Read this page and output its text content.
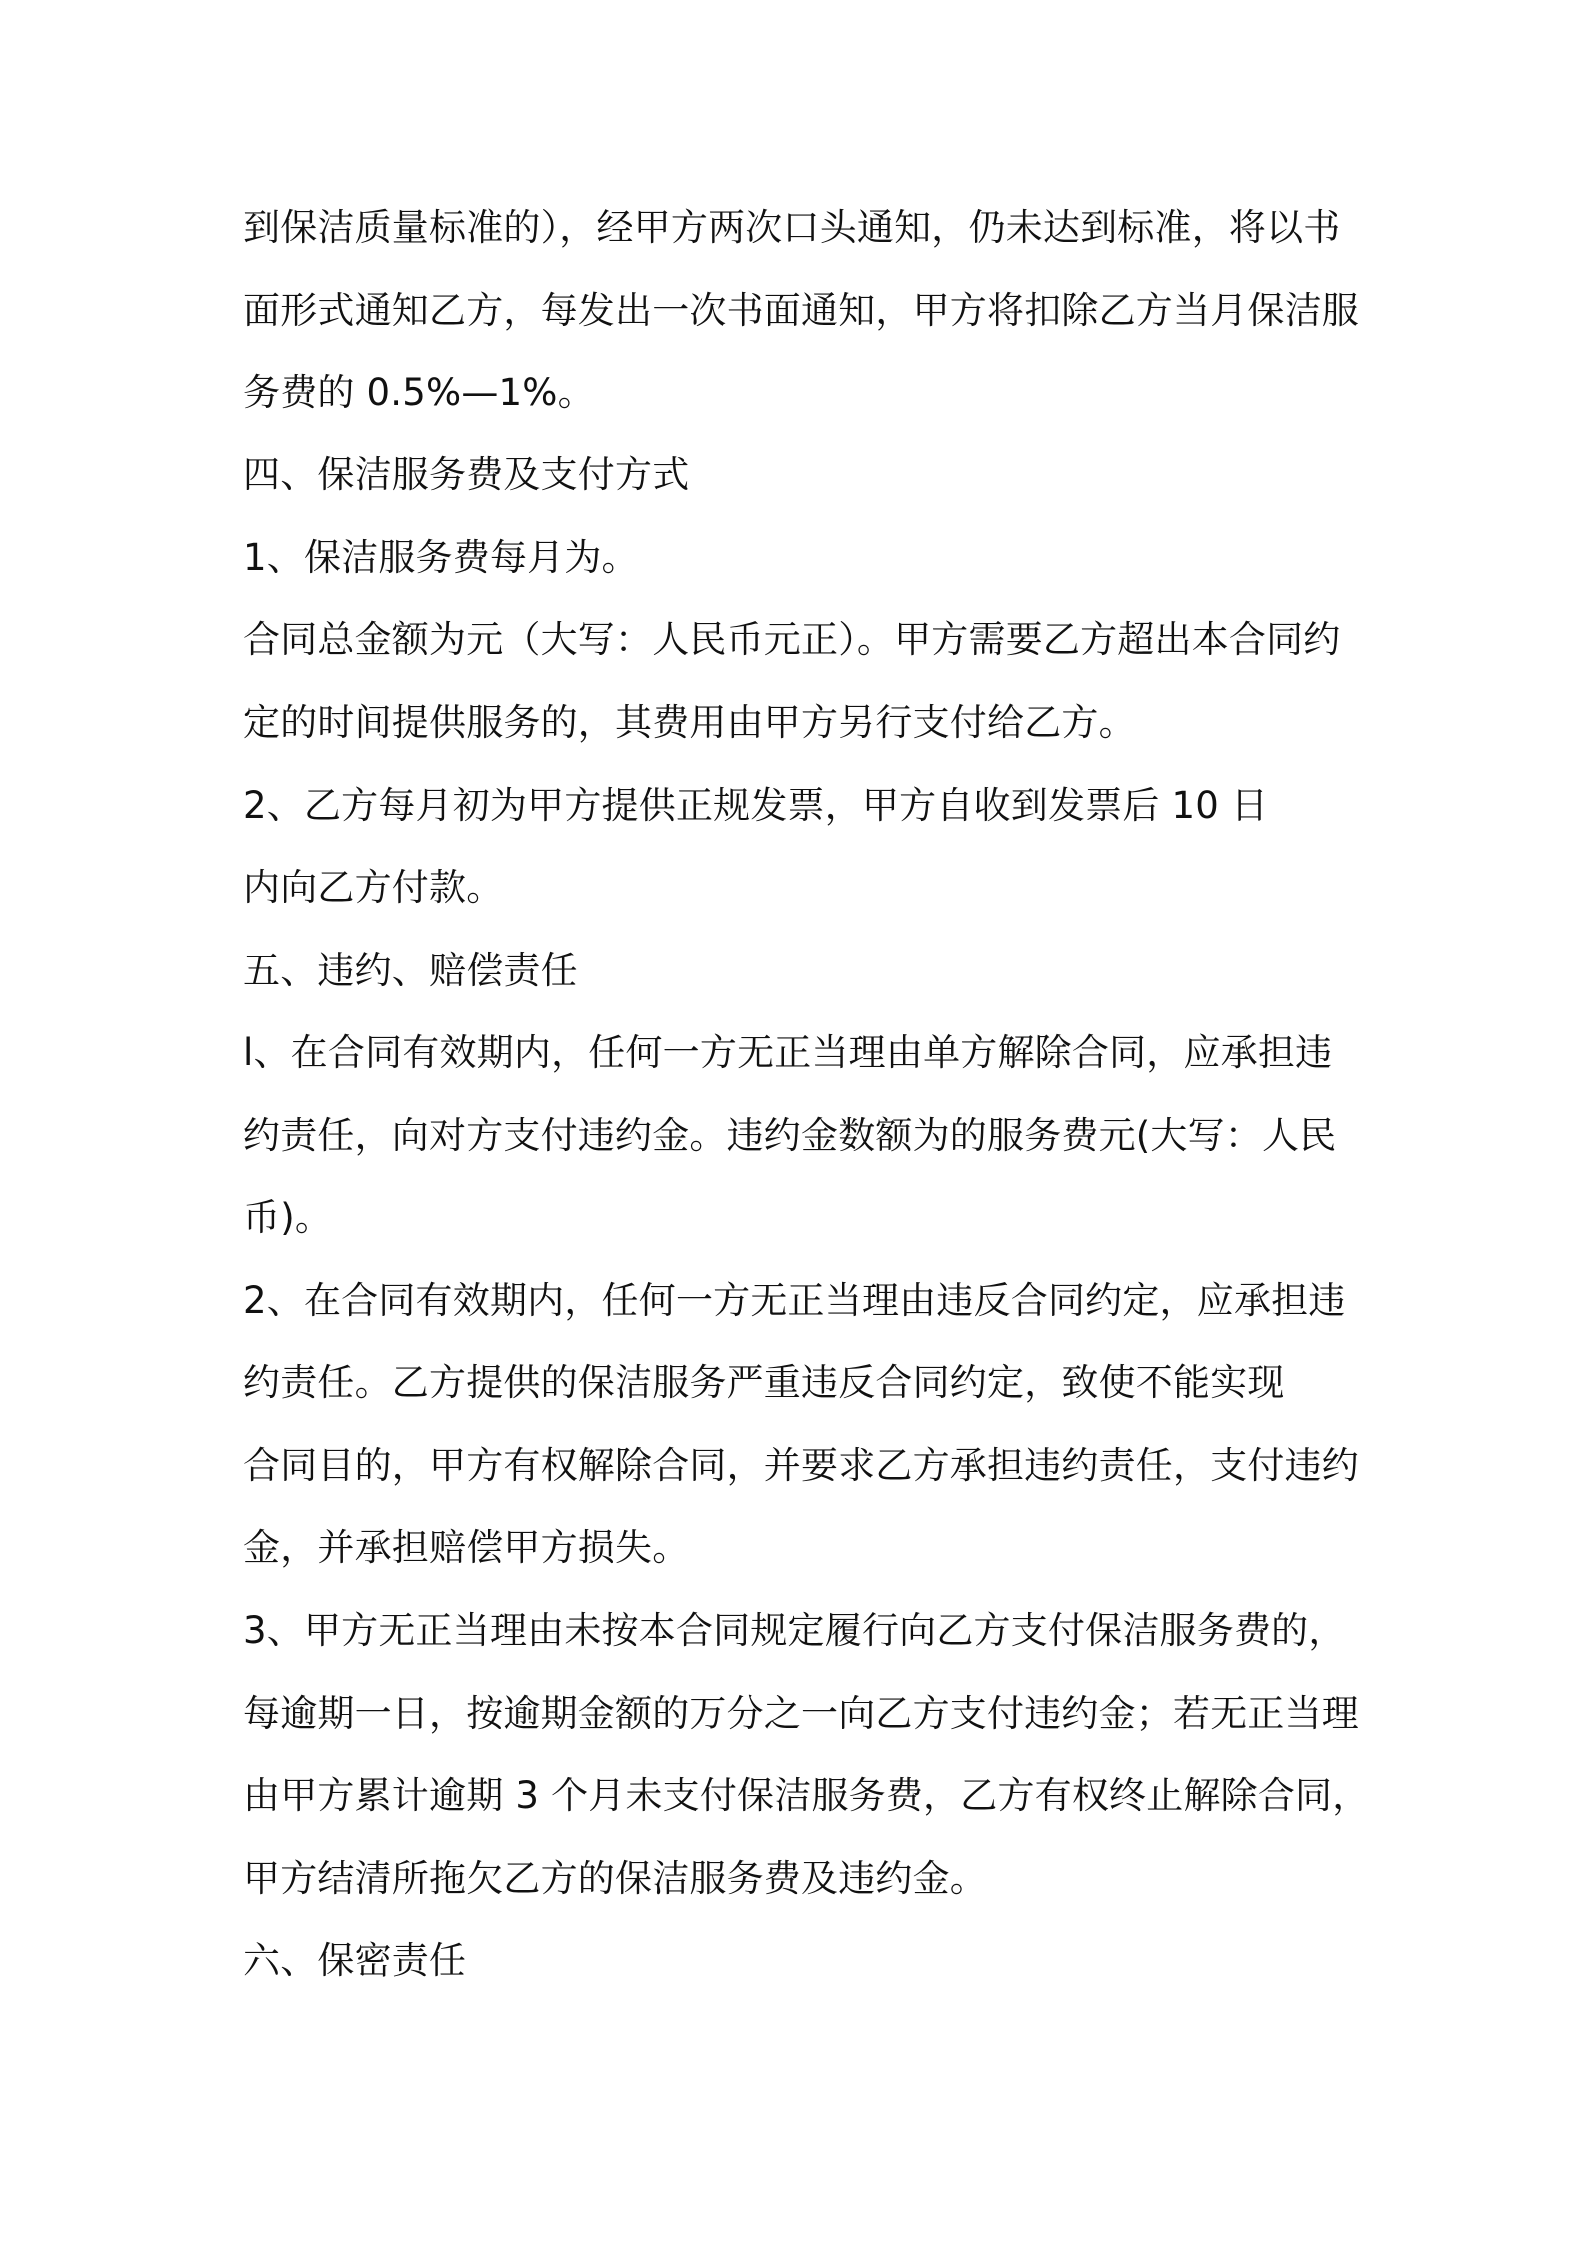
到保洁质量标准的），经甲方两次口头通知，仍未达到标准，将以书
面形式通知乙方，每发出一次书面通知，甲方将扣除乙方当月保洁服
务费的 0.5%—1%。
四、保洁服务费及支付方式
1、保洁服务费每月为。
合同总金额为元（大写：人民币元正）。甲方需要乙方超出本合同约
定的时间提供服务的，其费用由甲方另行支付给乙方。
2、乙方每月初为甲方提供正规发票，甲方自收到发票后 10 日
内向乙方付款。
五、违约、赔偿责任
l、在合同有效期内，任何一方无正当理由单方解除合同，应承担违
约责任，向对方支付违约金。违约金数额为的服务费元(大写：人民
币)。
2、在合同有效期内，任何一方无正当理由违反合同约定，应承担违
约责任。乙方提供的保洁服务严重违反合同约定，致使不能实现
合同目的，甲方有权解除合同，并要求乙方承担违约责任，支付违约
金，并承担赔偿甲方损失。
3、甲方无正当理由未按本合同规定履行向乙方支付保洁服务费的，
每逾期一日，按逾期金额的万分之一向乙方支付违约金；若无正当理
由甲方累计逾期 3 个月未支付保洁服务费，乙方有权终止解除合同，
甲方结清所拖欠乙方的保洁服务费及违约金。
六、保密责任
